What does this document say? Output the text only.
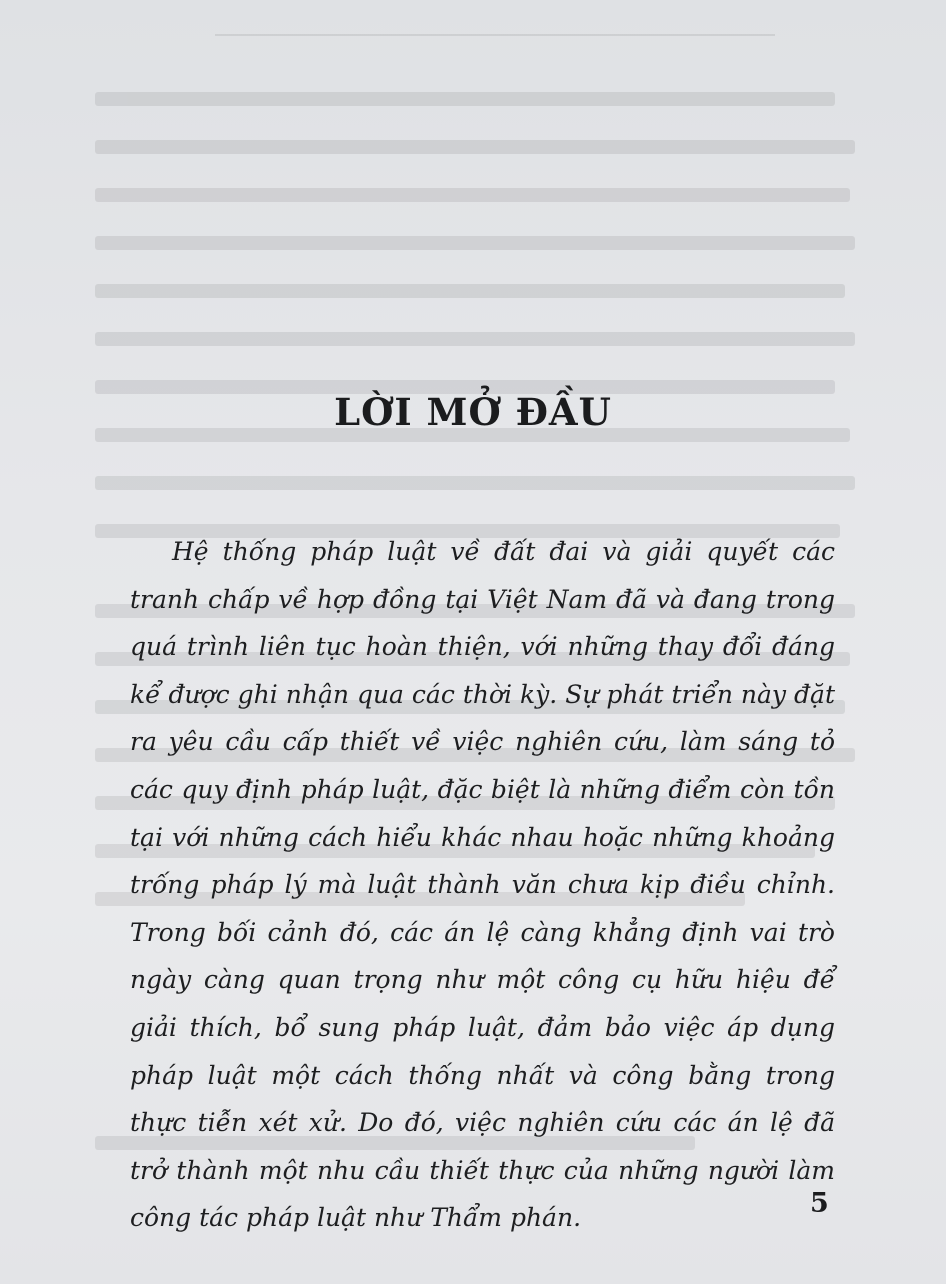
LỜI MỞ ĐẦU

Hệ thống pháp luật về đất đai và giải quyết các tranh chấp về hợp đồng tại Việt Nam đã và đang trong quá trình liên tục hoàn thiện, với những thay đổi đáng kể được ghi nhận qua các thời kỳ. Sự phát triển này đặt ra yêu cầu cấp thiết về việc nghiên cứu, làm sáng tỏ các quy định pháp luật, đặc biệt là những điểm còn tồn tại với những cách hiểu khác nhau hoặc những khoảng trống pháp lý mà luật thành văn chưa kịp điều chỉnh. Trong bối cảnh đó, các án lệ càng khẳng định vai trò ngày càng quan trọng như một công cụ hữu hiệu để giải thích, bổ sung pháp luật, đảm bảo việc áp dụng pháp luật một cách thống nhất và công bằng trong thực tiễn xét xử. Do đó, việc nghiên cứu các án lệ đã trở thành một nhu cầu thiết thực của những người làm công tác pháp luật như Thẩm phán.	5
